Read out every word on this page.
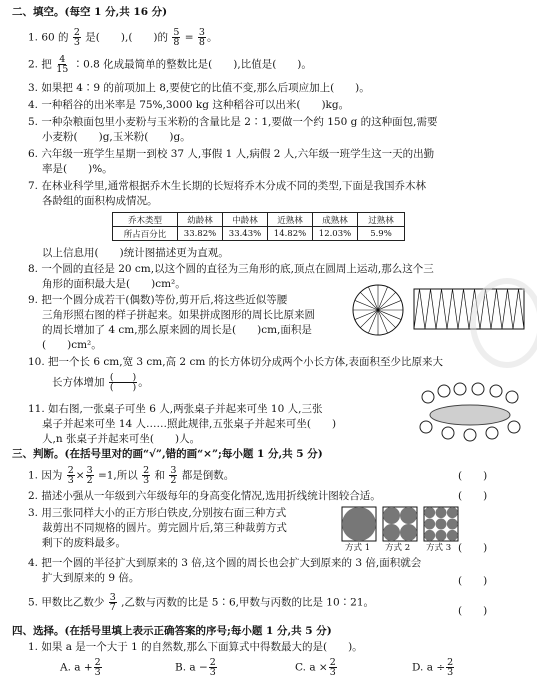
二、填空。(每空 1 分,共 16 分)
1. 60 的 $\frac{2}{3}$ 是(　　),(　　)的 $\frac{5}{8} = \frac{3}{8}$ 。
2. 把 $\frac{4}{15}$ ∶0.8 化成最简单的整数比是(　　),比值是(　　)。
3. 如果把 4∶9 的前项加上 8,要使它的比值不变,那么后项应加上(　　)。
4. 一种稻谷的出米率是 75%,3000 kg 这种稻谷可以出米(　　)kg。
5. 一种杂粮面包里小麦粉与玉米粉的含量比是 2∶1,要做一个约 150 g 的这种面包,需要
小麦粉(　　)g,玉米粉(　　)g。
6. 六年级一班学生星期一到校 37 人,事假 1 人,病假 2 人,六年级一班学生这一天的出勤
率是(　　)%。
7. 在林业科学里,通常根据乔木生长期的长短将乔木分成不同的类型,下面是我国乔木林
各龄组的面积构成情况。
乔木类型	幼龄林	中龄林	近熟林	成熟林	过熟林
所占百分比	33.82%	33.43%	14.82%	12.03%	5.9%
以上信息用(　　)统计图描述更为直观。
8. 一个圆的直径是 20 cm,以这个圆的直径为三角形的底,顶点在圆周上运动,那么这个三
角形的面积最大是(　　)cm²。
9. 把一个圆分成若干(偶数)等份,剪开后,将这些近似等腰
三角形照右图的样子拼起来。如果拼成图形的周长比原来圆
的周长增加了 4 cm,那么原来圆的周长是(　　)cm,面积是
(　　)cm²。
10. 把一个长 6 cm,宽 3 cm,高 2 cm 的长方体切分成两个小长方体,表面积至少比原来大
长方体增加 (　　)
(　　) 。
11. 如右图,一张桌子可坐 6 人,两张桌子并起来可坐 10 人,三张
桌子并起来可坐 14 人……照此规律,五张桌子并起来可坐(　　)
人,n 张桌子并起来可坐(　　)人。
三、判断。(在括号里对的画“√”,错的画“×”;每小题 1 分,共 5 分)
1. 因为 $\frac{2}{3} \times \frac{3}{2} =1$,所以 $\frac{2}{3}$ 和 $\frac{3}{2}$ 都是倒数。	(　　)
2. 描述小强从一年级到六年级每年的身高变化情况,选用折线统计图较合适。	(　　)
3. 用三张同样大小的正方形白铁皮,分别按右面三种方式
裁剪出不同规格的圆片。剪完圆片后,第三种裁剪方式
剩下的废料最多。	方式 1 方式 2 方式 3 (　　)
4. 把一个圆的半径扩大到原来的 3 倍,这个圆的周长也会扩大到原来的 3 倍,面积就会
扩大到原来的 9 倍。	(　　)
5. 甲数比乙数少 $\frac{3}{7}$ ,乙数与丙数的比是 5∶6,甲数与丙数的比是 10∶21。
(　　)
四、选择。(在括号里填上表示正确答案的序号;每小题 1 分,共 5 分)
1. 如果 a 是一个大于 1 的自然数,那么下面算式中得数最大的是(　　)。
A. $a + \frac{2}{3}$	B. $a - \frac{2}{3}$	C. $a \times \frac{2}{3}$	D. $a \div \frac{2}{3}$
